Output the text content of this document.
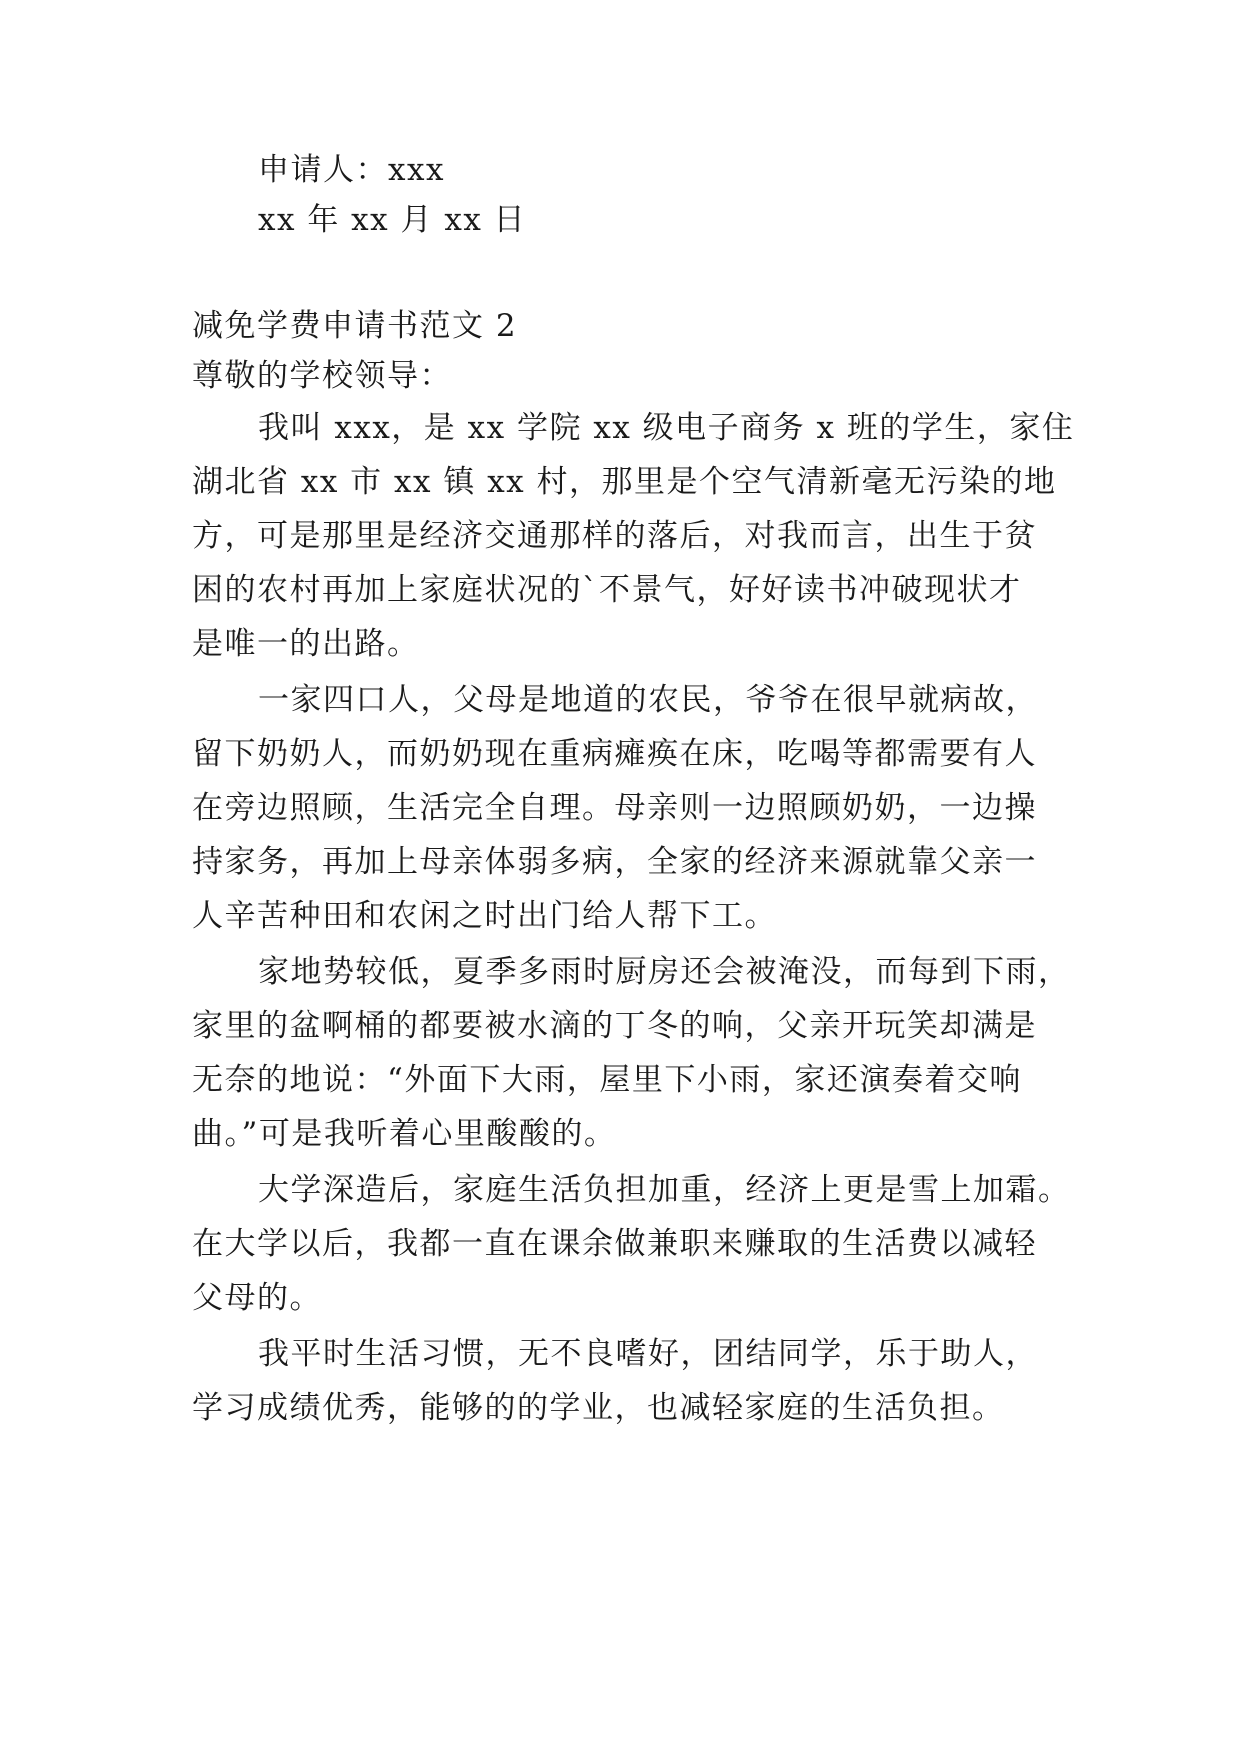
申请人：xxx
xx 年 xx 月 xx 日
减免学费申请书范文 2
尊敬的学校领导：
我叫 xxx，是 xx 学院 xx 级电子商务 x 班的学生，家住
湖北省 xx 市 xx 镇 xx 村，那里是个空气清新毫无污染的地
方，可是那里是经济交通那样的落后，对我而言，出生于贫
困的农村再加上家庭状况的`不景气，好好读书冲破现状才
是唯一的出路。
一家四口人，父母是地道的农民，爷爷在很早就病故，
留下奶奶人，而奶奶现在重病瘫痪在床，吃喝等都需要有人
在旁边照顾，生活完全自理。母亲则一边照顾奶奶，一边操
持家务，再加上母亲体弱多病，全家的经济来源就靠父亲一
人辛苦种田和农闲之时出门给人帮下工。
家地势较低，夏季多雨时厨房还会被淹没，而每到下雨，
家里的盆啊桶的都要被水滴的丁冬的响，父亲开玩笑却满是
无奈的地说：“外面下大雨，屋里下小雨，家还演奏着交响
曲。”可是我听着心里酸酸的。
大学深造后，家庭生活负担加重，经济上更是雪上加霜。
在大学以后，我都一直在课余做兼职来赚取的生活费以减轻
父母的。
我平时生活习惯，无不良嗜好，团结同学，乐于助人，
学习成绩优秀，能够的的学业，也减轻家庭的生活负担。
